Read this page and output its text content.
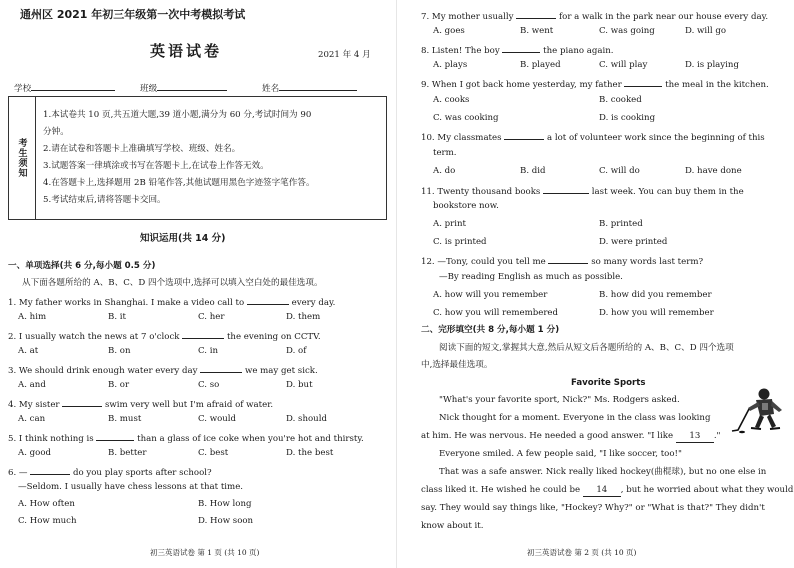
通州区 2021 年初三年级第一次中考模拟考试
英语试卷	2021 年 4 月
学校	班级	姓名
考生须知
1.本试卷共 10 页,共五道大题,39 道小题,满分为 60 分,考试时间为 90
分钟。
2.请在试卷和答题卡上准确填写学校、班级、姓名。
3.试题答案一律填涂或书写在答题卡上,在试卷上作答无效。
4.在答题卡上,选择题用 2B 铅笔作答,其他试题用黑色字迹签字笔作答。
5.考试结束后,请将答题卡交回。
知识运用(共 14 分)
一、单项选择(共 6 分,每小题 0.5 分)
从下面各题所给的 A、B、C、D 四个选项中,选择可以填入空白处的最佳选项。
1. My father works in Shanghai. I make a video call to	every day.
A. him	B. it	C. her	D. them
2. I usually watch the news at 7 o'clock	the evening on CCTV.
A. at	B. on	C. in	D. of
3. We should drink enough water every day	we may get sick.
A. and	B. or	C. so	D. but
4. My sister	swim very well but I'm afraid of water.
A. can	B. must	C. would	D. should
5. I think nothing is	than a glass of ice coke when you're hot and thirsty.
A. good	B. better	C. best	D. the best
6. —	do you play sports after school?
—Seldom. I usually have chess lessons at that time.
A. How often	B. How long
C. How much	D. How soon
初三英语试卷 第 1 页 (共 10 页)
7. My mother usually	for a walk in the park near our house every day.
A. goes	B. went	C. was going	D. will go
8. Listen! The boy	the piano again.
A. plays	B. played	C. will play	D. is playing
9. When I got back home yesterday, my father	the meal in the kitchen.
A. cooks	B. cooked
C. was cooking	D. is cooking
10. My classmates	a lot of volunteer work since the beginning of this
term.
A. do	B. did	C. will do	D. have done
11. Twenty thousand books	last week. You can buy them in the
bookstore now.
A. print	B. printed
C. is printed	D. were printed
12. —Tony, could you tell me	so many words last term?
—By reading English as much as possible.
A. how will you remember	B. how did you remember
C. how you will remembered	D. how you will remember
二、完形填空(共 8 分,每小题 1 分)
阅读下面的短文,掌握其大意,然后从短文后各题所给的 A、B、C、D 四个选项
中,选择最佳选项。
Favorite Sports
"What's your favorite sport, Nick?" Ms. Rodgers asked.
Nick thought for a moment. Everyone in the class was looking
at him. He was nervous. He needed a good answer. "I like 13 ."
Everyone smiled. A few people said, "I like soccer, too!"
That was a safe answer. Nick really liked hockey(曲棍球), but no one else in
class liked it. He wished he could be 14 , but he worried about what they would
say. They would say things like, "Hockey? Why?" or "What is that?" They didn't
know about it.
初三英语试卷 第 2 页 (共 10 页)
